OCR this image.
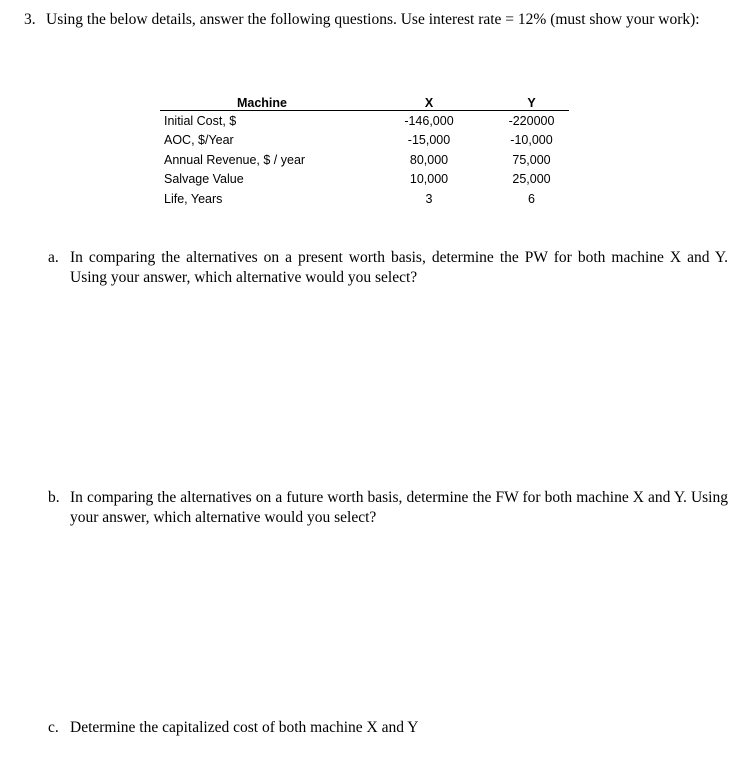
3. Using the below details, answer the following questions. Use interest rate = 12% (must show your work):
Machine	X	Y
Initial Cost, $	-146,000	-220000
AOC, $/Year	-15,000	-10,000
Annual Revenue, $ / year	80,000	75,000
Salvage Value	10,000	25,000
Life, Years	3	6
a. In comparing the alternatives on a present worth basis, determine the PW for both machine X and Y. Using your answer, which alternative would you select?
b. In comparing the alternatives on a future worth basis, determine the FW for both machine X and Y. Using your answer, which alternative would you select?
c. Determine the capitalized cost of both machine X and Y
